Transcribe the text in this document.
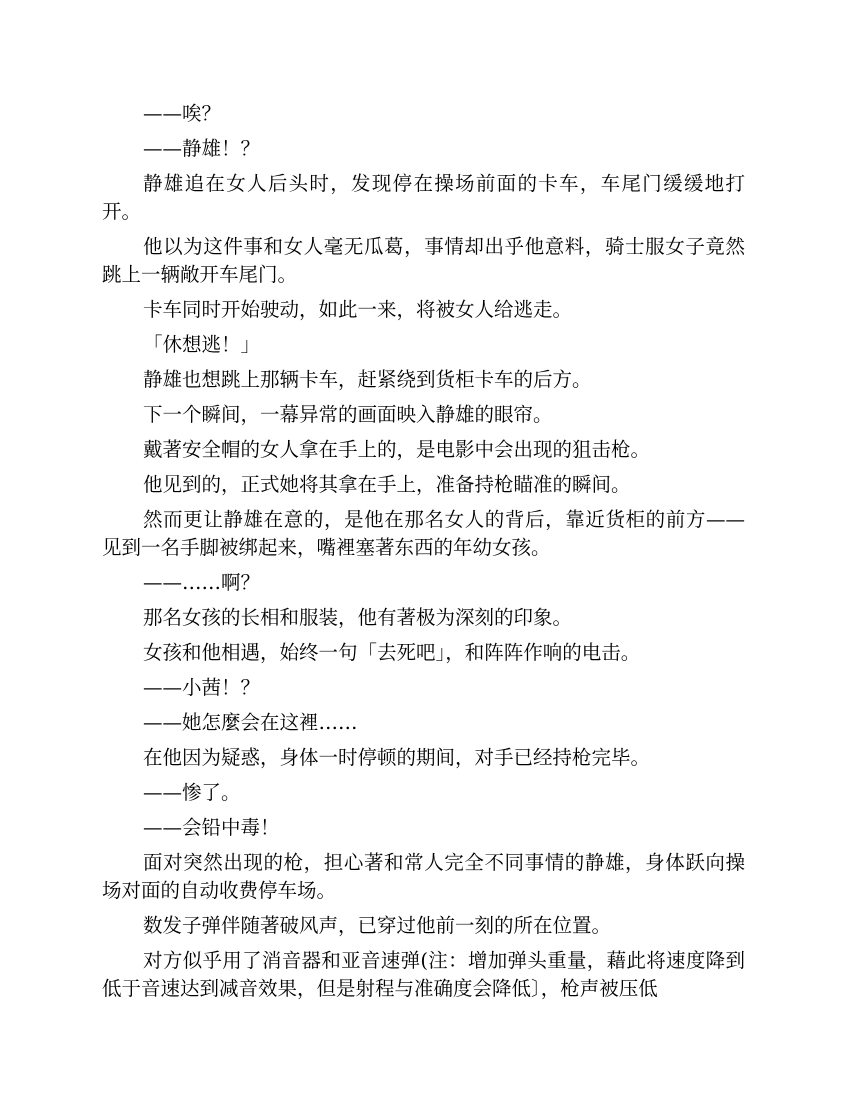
——唉？

——静雄！？

静雄追在女人后头时，发现停在操场前面的卡车，车尾门缓缓地打开。

他以为这件事和女人毫无瓜葛，事情却出乎他意料，骑士服女子竟然跳上一辆敞开车尾门。

卡车同时开始驶动，如此一来，将被女人给逃走。

「休想逃！」

静雄也想跳上那辆卡车，赶紧绕到货柜卡车的后方。

下一个瞬间，一幕异常的画面映入静雄的眼帘。

戴著安全帽的女人拿在手上的，是电影中会出现的狙击枪。

他见到的，正式她将其拿在手上，准备持枪瞄准的瞬间。

然而更让静雄在意的，是他在那名女人的背后，靠近货柜的前方——见到一名手脚被绑起来，嘴裡塞著东西的年幼女孩。

——……啊？

那名女孩的长相和服装，他有著极为深刻的印象。

女孩和他相遇，始终一句「去死吧」，和阵阵作响的电击。

——小茜！？

——她怎麼会在这裡……

在他因为疑惑，身体一时停顿的期间，对手已经持枪完毕。

——惨了。

——会铅中毒！

面对突然出现的枪，担心著和常人完全不同事情的静雄，身体跃向操场对面的自动收费停车场。

数发子弹伴随著破风声，已穿过他前一刻的所在位置。

对方似乎用了消音器和亚音速弹(注：增加弹头重量，藉此将速度降到低于音速达到减音效果，但是射程与准确度会降低〕，枪声被压低
